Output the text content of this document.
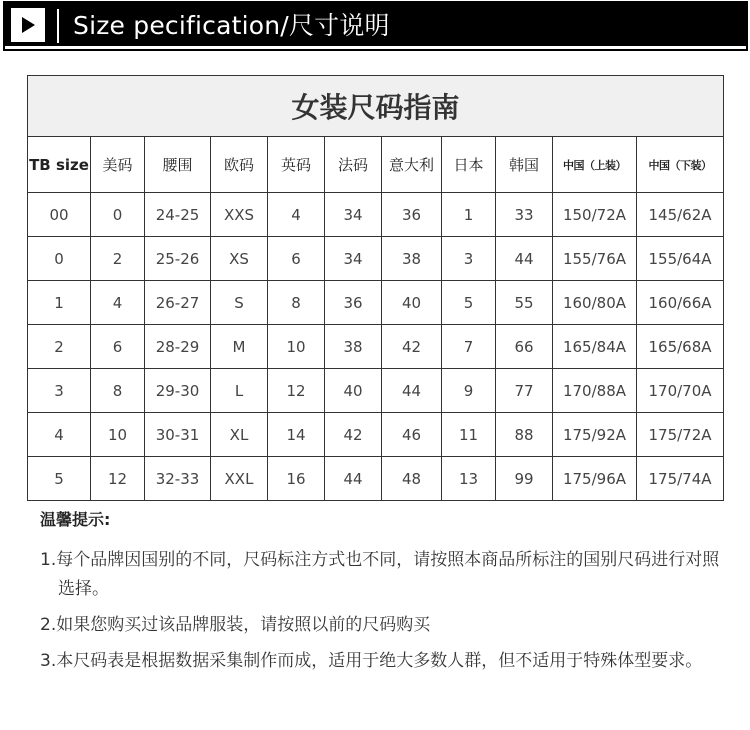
Size pecification/尺寸说明
女装尺码指南										
TB size	美码	腰围	欧码	英码	法码	意大利	日本	韩国	中国（上装）	中国（下装）
00	0	24-25	XXS	4	34	36	1	33	150/72A	145/62A
0	2	25-26	XS	6	34	38	3	44	155/76A	155/64A
1	4	26-27	S	8	36	40	5	55	160/80A	160/66A
2	6	28-29	M	10	38	42	7	66	165/84A	165/68A
3	8	29-30	L	12	40	44	9	77	170/88A	170/70A
4	10	30-31	XL	14	42	46	11	88	175/92A	175/72A
5	12	32-33	XXL	16	44	48	13	99	175/96A	175/74A
温馨提示:
1.每个品牌因国别的不同，尺码标注方式也不同，请按照本商品所标注的国别尺码进行对照选择。
2.如果您购买过该品牌服装，请按照以前的尺码购买
3.本尺码表是根据数据采集制作而成，适用于绝大多数人群，但不适用于特殊体型要求。
